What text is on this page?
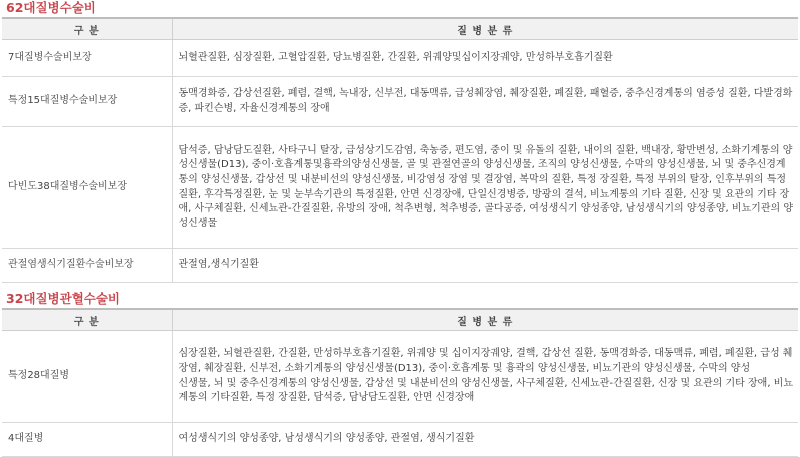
62대질병수술비
구 분	질 병 분 류
7대질병수술비보장	뇌혈관질환, 심장질환, 고혈압질환, 당뇨병질환, 간질환, 위궤양및십이지장궤양, 만성하부호흡기질환

특정15대질병수술비보장	동맥경화증, 갑상선질환, 폐렴, 결핵, 녹내장, 신부전, 대동맥류, 급성췌장염, 췌장질환, 폐질환, 패혈증, 중추신경계통의 염증성 질환, 다발경화증, 파킨슨병, 자율신경계통의 장애

다빈도38대질병수술비보장	담석증, 담낭담도질환, 사타구니 탈장, 급성상기도감염, 축농증, 편도염, 중이 및 유돌의 질환, 내이의 질환, 백내장, 황반변성, 소화기계통의 양성신생물(D13), 중이·호흡계통및흉곽의양성신생물, 골 및 관절연골의 양성신생물, 조직의 양성신생물, 수막의 양성신생물, 뇌 및 중추신경계통의 양성신생물, 갑상선 및 내분비선의 양성신생물, 비강염성 장염 및 결장염, 복막의 질환, 특정 장질환, 특정 부위의 탈장, 인후부위의 특정질환, 후각특정질환, 눈 및 눈부속기관의 특정질환, 안면 신경장애, 단일신경병증, 방광의 결석, 비뇨계통의 기타 질환, 신장 및 요관의 기타 장애, 사구체질환, 신세뇨관-간질질환, 유방의 장애, 척추변형, 척추병증, 골다공증, 여성생식기 양성종양, 남성생식기의 양성종양, 비뇨기관의 양성신생물

관절염생식기질환수술비보장	관절염,생식기질환
32대질병관혈수술비
구 분	질 병 분 류
특정28대질병	심장질환, 뇌혈관질환, 간질환, 만성하부호흡기질환, 위궤양 및 십이지장궤양, 결핵, 갑상선 질환, 동맥경화증, 대동맥류, 폐렴, 폐질환, 급성 췌장염, 췌장질환, 신부전, 소화기계통의 양성신생물(D13), 중이·호흡계통 및 흉곽의 양성신생물, 비뇨기관의 양성신생물, 수막의 양성
신생물, 뇌 및 중추신경계통의 양성신생물, 갑상선 및 내분비선의 양성신생물, 사구체질환, 신세뇨관-간질질환, 신장 및 요관의 기타 장애, 비뇨계통의 기타질환, 특정 장질환, 담석증, 담낭담도질환, 안면 신경장애

4대질병	여성생식기의 양성종양, 남성생식기의 양성종양, 관절염, 생식기질환
